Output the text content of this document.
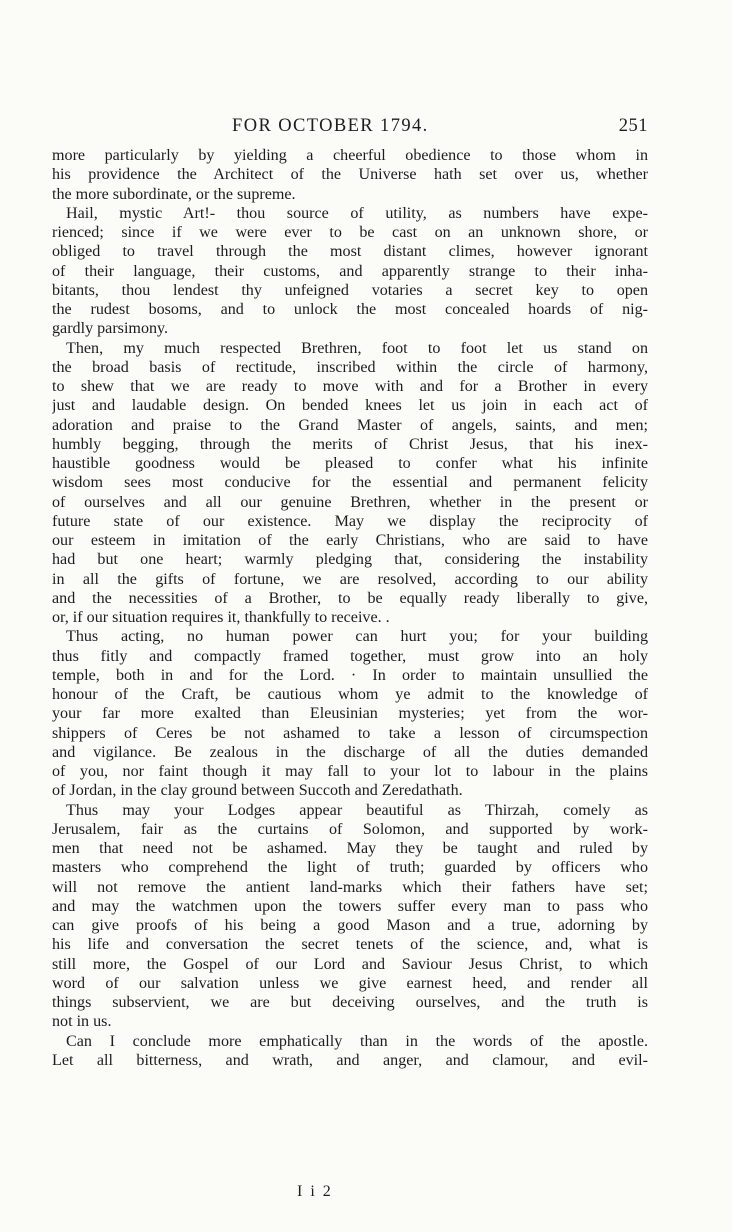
FOR OCTOBER 1794.	251
more particularly by yielding a cheerful obedience to those whom in
his providence the Architect of the Universe hath set over us, whether
the more subordinate, or the supreme.
Hail, mystic Art!- thou source of utility, as numbers have expe-
rienced; since if we were ever to be cast on an unknown shore, or
obliged to travel through the most distant climes, however ignorant
of their language, their customs, and apparently strange to their inha-
bitants, thou lendest thy unfeigned votaries a secret key to open
the rudest bosoms, and to unlock the most concealed hoards of nig-
gardly parsimony.
Then, my much respected Brethren, foot to foot let us stand on
the broad basis of rectitude, inscribed within the circle of harmony,
to shew that we are ready to move with and for a Brother in every
just and laudable design. On bended knees let us join in each act of
adoration and praise to the Grand Master of angels, saints, and men;
humbly begging, through the merits of Christ Jesus, that his inex-
haustible goodness would be pleased to confer what his infinite
wisdom sees most conducive for the essential and permanent felicity
of ourselves and all our genuine Brethren, whether in the present or
future state of our existence. May we display the reciprocity of
our esteem in imitation of the early Christians, who are said to have
had but one heart; warmly pledging that, considering the instability
in all the gifts of fortune, we are resolved, according to our ability
and the necessities of a Brother, to be equally ready liberally to give,
or, if our situation requires it, thankfully to receive. .
Thus acting, no human power can hurt you; for your building
thus fitly and compactly framed together, must grow into an holy
temple, both in and for the Lord. · In order to maintain unsullied the
honour of the Craft, be cautious whom ye admit to the knowledge of
your far more exalted than Eleusinian mysteries; yet from the wor-
shippers of Ceres be not ashamed to take a lesson of circumspection
and vigilance. Be zealous in the discharge of all the duties demanded
of you, nor faint though it may fall to your lot to labour in the plains
of Jordan, in the clay ground between Succoth and Zeredathath.
Thus may your Lodges appear beautiful as Thirzah, comely as
Jerusalem, fair as the curtains of Solomon, and supported by work-
men that need not be ashamed. May they be taught and ruled by
masters who comprehend the light of truth; guarded by officers who
will not remove the antient land-marks which their fathers have set;
and may the watchmen upon the towers suffer every man to pass who
can give proofs of his being a good Mason and a true, adorning by
his life and conversation the secret tenets of the science, and, what is
still more, the Gospel of our Lord and Saviour Jesus Christ, to which
word of our salvation unless we give earnest heed, and render all
things subservient, we are but deceiving ourselves, and the truth is
not in us.
Can I conclude more emphatically than in the words of the apostle.
Let all bitterness, and wrath, and anger, and clamour, and evil-
I i 2
